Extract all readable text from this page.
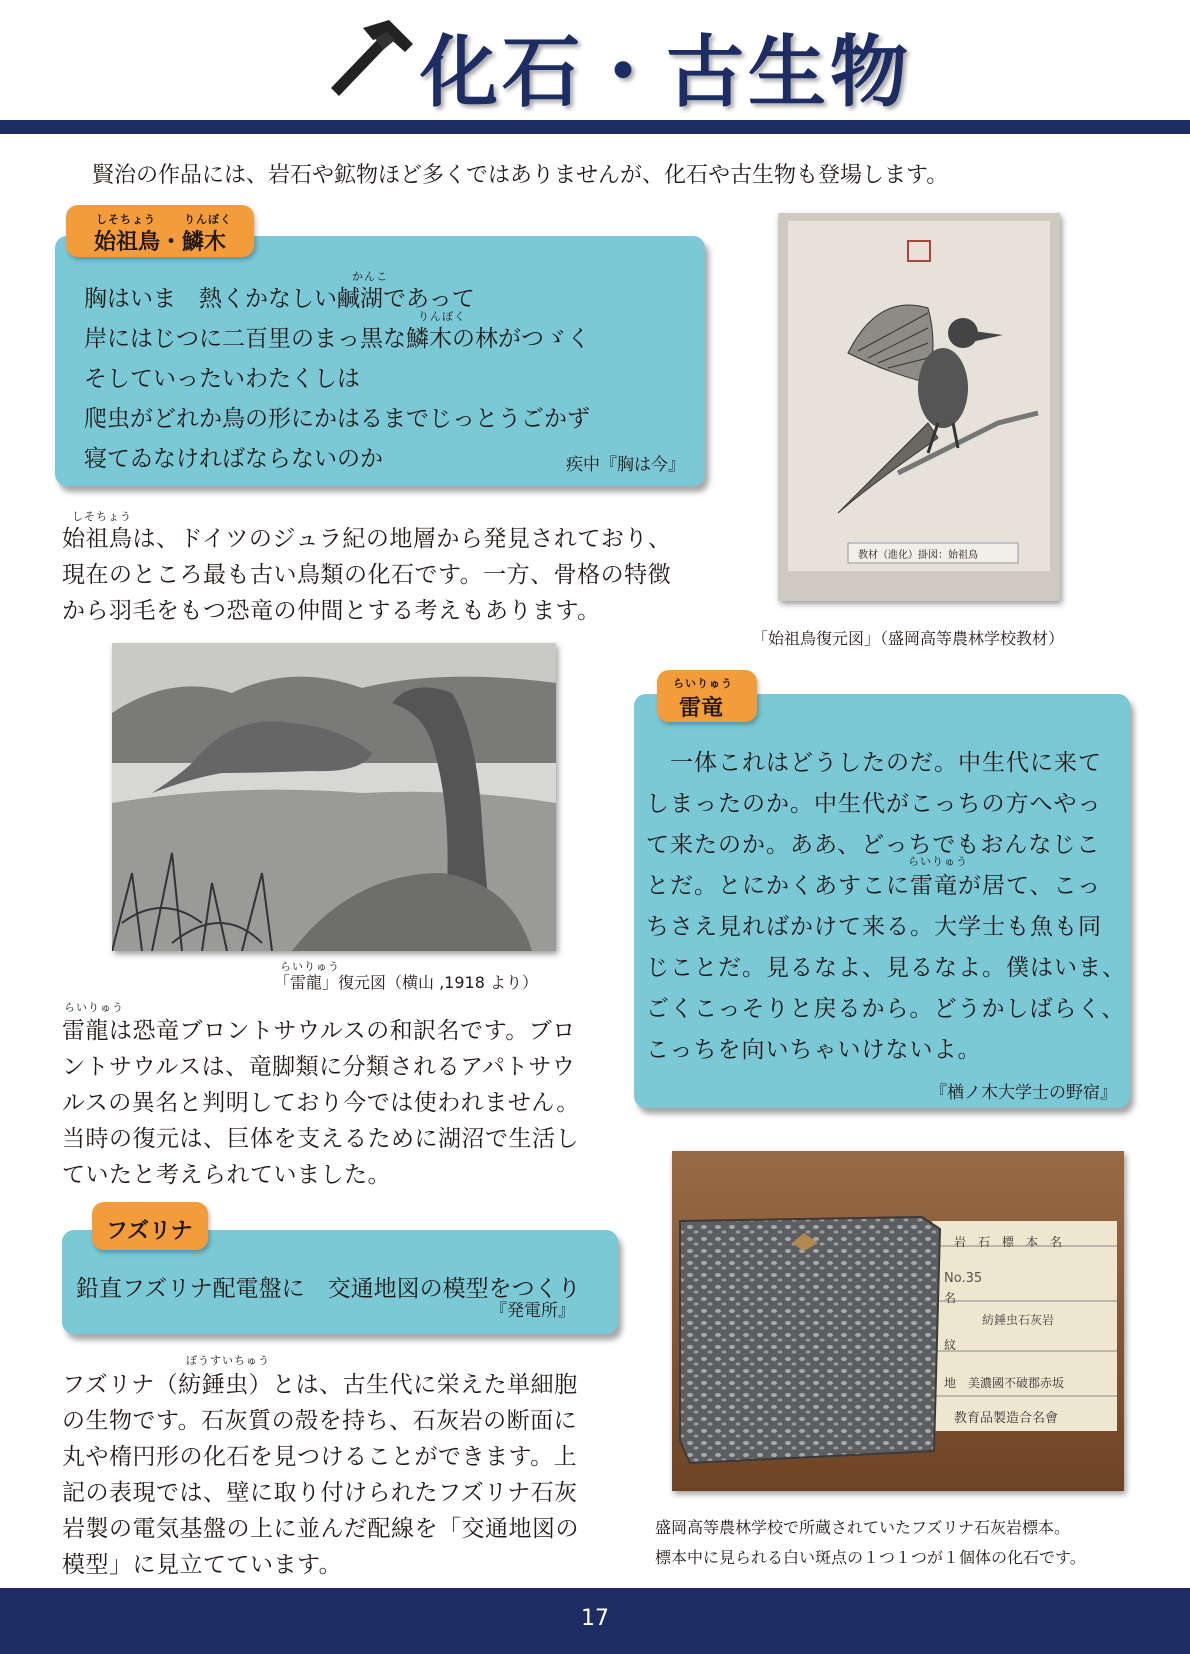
化石・古生物
賢治の作品には、岩石や鉱物ほど多くではありませんが、化石や古生物も登場します。
しそちょう	りんぼく
始祖鳥・鱗木
かんこ
りんぼく
胸はいま　熱くかなしい鹹湖であって
岸にはじつに二百里のまっ黒な鱗木の林がつゞく
そしていったいわたくしは
爬虫がどれか鳥の形にかはるまでじっとうごかず
寝てゐなければならないのか	疾中『胸は今』
しそちょう
始祖鳥は、ドイツのジュラ紀の地層から発見されており、
現在のところ最も古い鳥類の化石です。一方、骨格の特徴
から羽毛をもつ恐竜の仲間とする考えもあります。
教材（進化）掛図：始祖鳥
「始祖鳥復元図」（盛岡高等農林学校教材）
らいりゅう
「雷龍」復元図（横山 ,1918 より）
らいりゅう
雷龍は恐竜ブロントサウルスの和訳名です。ブロ
ントサウルスは、竜脚類に分類されるアパトサウ
ルスの異名と判明しており今では使われません。
当時の復元は、巨体を支えるために湖沼で生活し
ていたと考えられていました。
らいりゅう
雷竜
らいりゅう
　一体これはどうしたのだ。中生代に来て
しまったのか。中生代がこっちの方へやっ
て来たのか。ああ、どっちでもおんなじこ
とだ。とにかくあすこに雷竜が居て、こっ
ちさえ見ればかけて来る。大学士も魚も同
じことだ。見るなよ、見るなよ。僕はいま、
ごくこっそりと戻るから。どうかしばらく、
こっちを向いちゃいけないよ。
『楢ノ木大学士の野宿』
フズリナ
鉛直フズリナ配電盤に　交通地図の模型をつくり
『発電所』
ぼうすいちゅう
フズリナ（紡錘虫）とは、古生代に栄えた単細胞
の生物です。石灰質の殻を持ち、石灰岩の断面に
丸や楕円形の化石を見つけることができます。上
記の表現では、壁に取り付けられたフズリナ石灰
岩製の電気基盤の上に並んだ配線を「交通地図の
模型」に見立てています。
岩　石　標　本　名
No.35
名
紡錘虫石灰岩
紋
地　美濃國不破郡赤坂
教育品製造合名會
盛岡高等農林学校で所蔵されていたフズリナ石灰岩標本。
標本中に見られる白い斑点の１つ１つが１個体の化石です。
17
